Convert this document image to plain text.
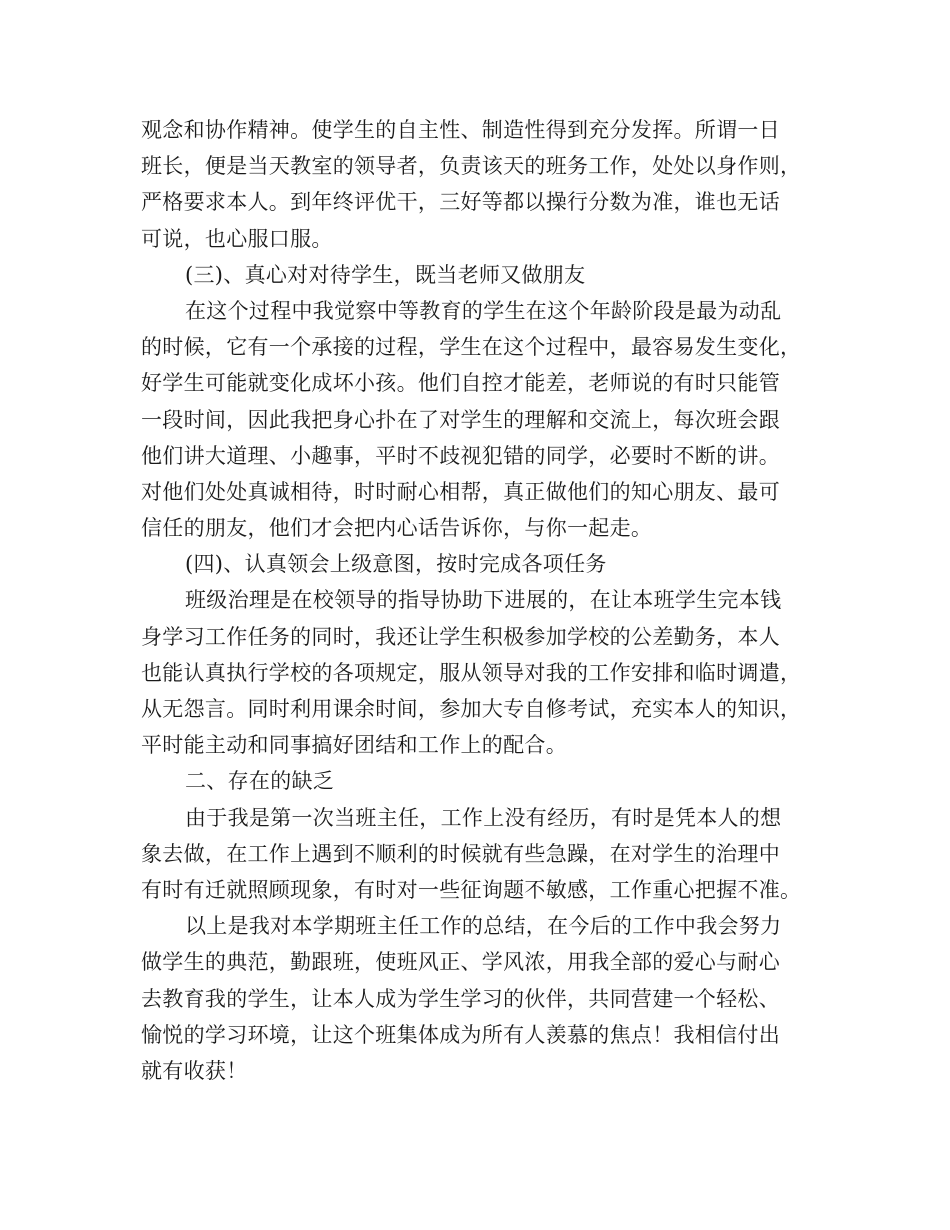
观念和协作精神。使学生的自主性、制造性得到充分发挥。所谓一日
班长，便是当天教室的领导者，负责该天的班务工作，处处以身作则，
严格要求本人。到年终评优干，三好等都以操行分数为准，谁也无话
可说，也心服口服。
(三)、真心对对待学生，既当老师又做朋友
在这个过程中我觉察中等教育的学生在这个年龄阶段是最为动乱
的时候，它有一个承接的过程，学生在这个过程中，最容易发生变化，
好学生可能就变化成坏小孩。他们自控才能差，老师说的有时只能管
一段时间，因此我把身心扑在了对学生的理解和交流上，每次班会跟
他们讲大道理、小趣事，平时不歧视犯错的同学，必要时不断的讲。
对他们处处真诚相待，时时耐心相帮，真正做他们的知心朋友、最可
信任的朋友，他们才会把内心话告诉你，与你一起走。
(四)、认真领会上级意图，按时完成各项任务
班级治理是在校领导的指导协助下进展的，在让本班学生完本钱
身学习工作任务的同时，我还让学生积极参加学校的公差勤务，本人
也能认真执行学校的各项规定，服从领导对我的工作安排和临时调遣，
从无怨言。同时利用课余时间，参加大专自修考试，充实本人的知识，
平时能主动和同事搞好团结和工作上的配合。
二、存在的缺乏
由于我是第一次当班主任，工作上没有经历，有时是凭本人的想
象去做，在工作上遇到不顺利的时候就有些急躁，在对学生的治理中
有时有迁就照顾现象，有时对一些征询题不敏感，工作重心把握不准。
以上是我对本学期班主任工作的总结，在今后的工作中我会努力
做学生的典范，勤跟班，使班风正、学风浓，用我全部的爱心与耐心
去教育我的学生，让本人成为学生学习的伙伴，共同营建一个轻松、
愉悦的学习环境，让这个班集体成为所有人羡慕的焦点！我相信付出
就有收获！
